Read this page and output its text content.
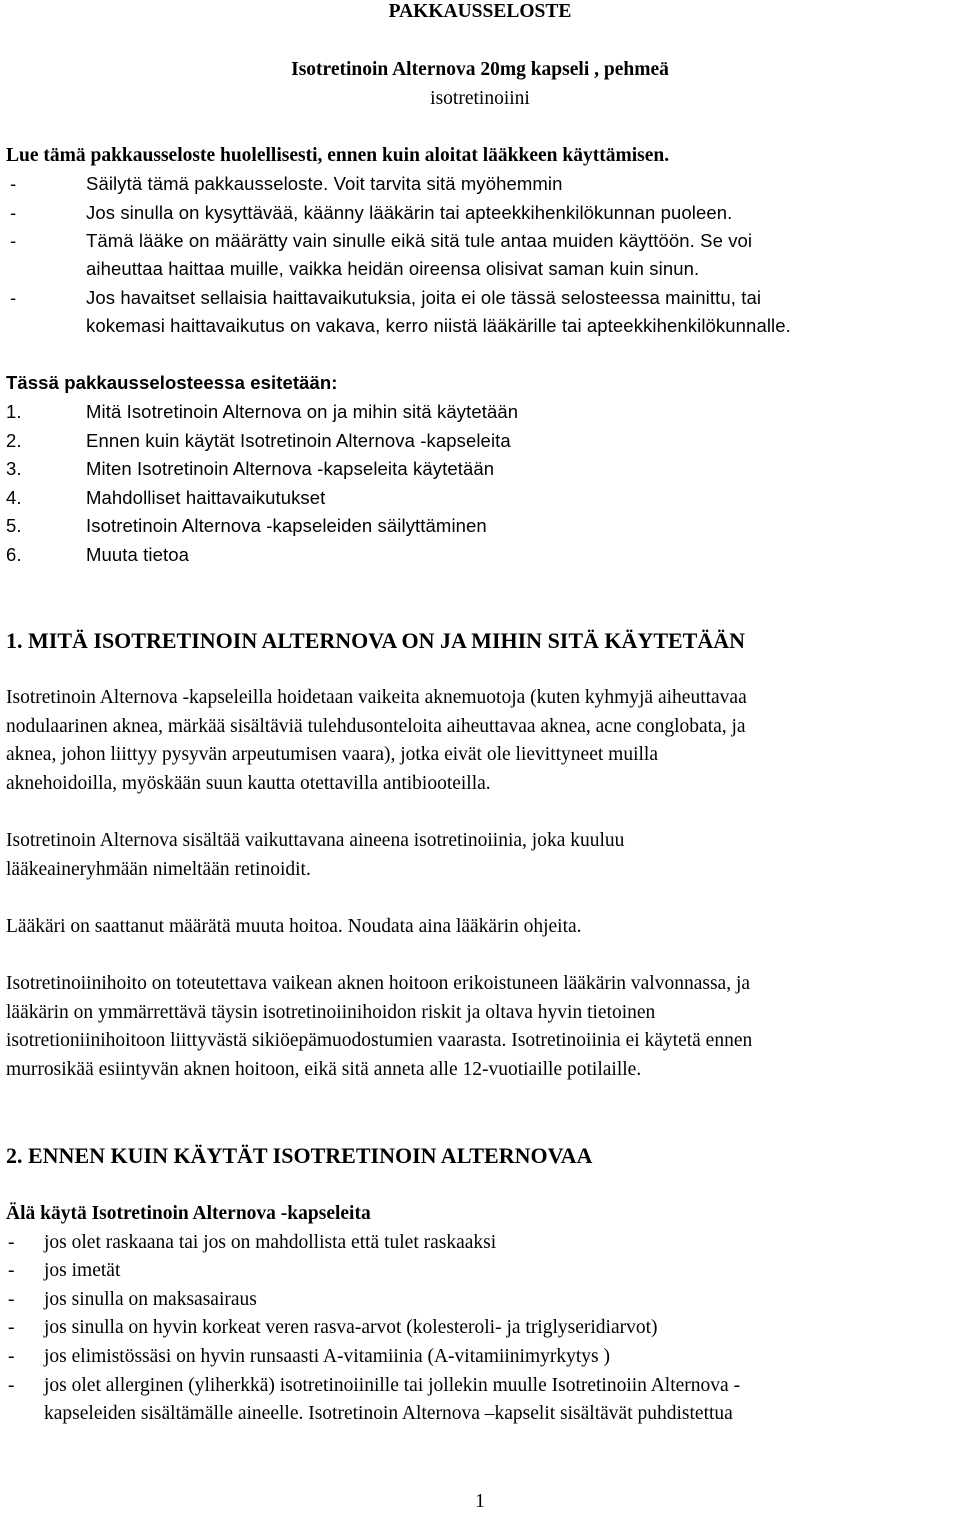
PAKKAUSSELOSTE
Isotretinoin Alternova 20mg kapseli , pehmeä
isotretinoiini
Lue tämä pakkausseloste huolellisesti, ennen kuin aloitat lääkkeen käyttämisen.
-	Säilytä tämä pakkausseloste. Voit tarvita sitä myöhemmin
-	Jos sinulla on kysyttävää, käänny lääkärin tai apteekkihenkilökunnan puoleen.
-	Tämä lääke on määrätty vain sinulle eikä sitä tule antaa muiden käyttöön. Se voi
aiheuttaa haittaa muille, vaikka heidän oireensa olisivat saman kuin sinun.
-	Jos havaitset sellaisia haittavaikutuksia, joita ei ole tässä selosteessa mainittu, tai
kokemasi haittavaikutus on vakava, kerro niistä lääkärille tai apteekkihenkilökunnalle.
Tässä pakkausselosteessa esitetään:
1.	Mitä Isotretinoin Alternova on ja mihin sitä käytetään
2.	Ennen kuin käytät Isotretinoin Alternova -kapseleita
3.	Miten Isotretinoin Alternova -kapseleita käytetään
4.	Mahdolliset haittavaikutukset
5.	Isotretinoin Alternova -kapseleiden säilyttäminen
6.	Muuta tietoa
1. MITÄ ISOTRETINOIN ALTERNOVA ON JA MIHIN SITÄ KÄYTETÄÄN
Isotretinoin Alternova -kapseleilla hoidetaan vaikeita aknemuotoja (kuten kyhmyjä aiheuttavaa
nodulaarinen aknea, märkää sisältäviä tulehdusonteloita aiheuttavaa aknea, acne conglobata, ja
aknea, johon liittyy pysyvän arpeutumisen vaara), jotka eivät ole lievittyneet muilla
aknehoidoilla, myöskään suun kautta otettavilla antibiooteilla.
Isotretinoin Alternova sisältää vaikuttavana aineena isotretinoiinia, joka kuuluu
lääkeaineryhmään nimeltään retinoidit.
Lääkäri on saattanut määrätä muuta hoitoa. Noudata aina lääkärin ohjeita.
Isotretinoiinihoito on toteutettava vaikean aknen hoitoon erikoistuneen lääkärin valvonnassa, ja
lääkärin on ymmärrettävä täysin isotretinoiinihoidon riskit ja oltava hyvin tietoinen
isotretioniinihoitoon liittyvästä sikiöepämuodostumien vaarasta. Isotretinoiinia ei käytetä ennen
murrosikää esiintyvän aknen hoitoon, eikä sitä anneta alle 12-vuotiaille potilaille.
2. ENNEN KUIN KÄYTÄT ISOTRETINOIN ALTERNOVAA
Älä käytä Isotretinoin Alternova -kapseleita
- jos olet raskaana tai jos on mahdollista että tulet raskaaksi
- jos imetät
- jos sinulla on maksasairaus
- jos sinulla on hyvin korkeat veren rasva-arvot (kolesteroli- ja triglyseridiarvot)
- jos elimistössäsi on hyvin runsaasti A-vitamiinia (A-vitamiinimyrkytys )
- jos olet allerginen (yliherkkä) isotretinoiinille tai jollekin muulle Isotretinoiin Alternova -
kapseleiden sisältämälle aineelle. Isotretinoin Alternova –kapselit sisältävät puhdistettua
1
